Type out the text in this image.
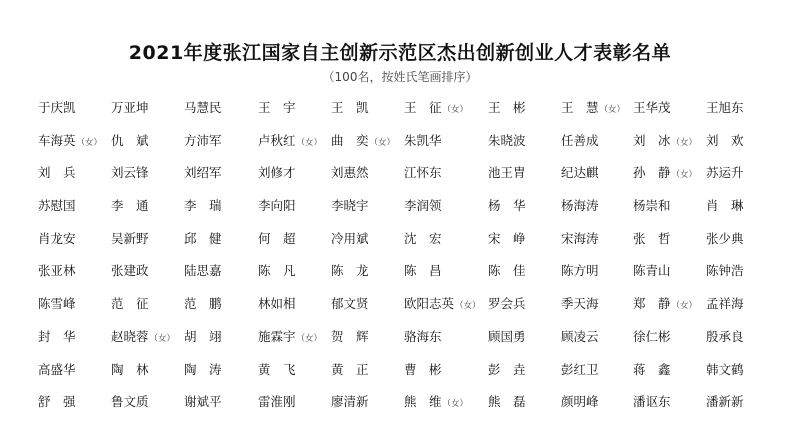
2021年度张江国家自主创新示范区杰出创新创业人才表彰名单
（100名，按姓氏笔画排序）
于庆凯	万亚坤	马慧民	王　宇	王　凯	王　征（女）	王　彬	王　慧（女） 王华茂	王旭东
车海英（女） 仇　斌	方沛军	卢秋红（女） 曲　奕（女） 朱凯华	朱晓波	任善成	刘　冰（女） 刘　欢
刘　兵	刘云锋	刘绍军	刘修才	刘惠然	江怀东	池王胄	纪达麒	孙　静（女） 苏运升
苏慰国	李　通	李　瑞	李向阳	李晓宇	李润领	杨　华	杨海涛	杨崇和	肖　琳
肖龙安	吴新野	邱　健	何　超	冷用斌	沈　宏	宋　峥	宋海涛	张　哲	张少典
张亚林	张建政	陆思嘉	陈　凡	陈　龙	陈　昌	陈　佳	陈方明	陈青山	陈钟浩
陈雪峰	范　征	范　鹏	林如相	郁文贤	欧阳志英（女） 罗会兵	季天海	郑　静（女） 孟祥海
封　华	赵晓蓉（女） 胡　翊	施霖宇（女） 贺　辉	骆海东	顾国勇	顾凌云	徐仁彬	殷承良
高盛华	陶　林	陶　涛	黄　飞	黄　正	曹　彬	彭　垚	彭红卫	蒋　鑫	韩文鹤
舒　强	鲁文质	谢斌平	雷淮刚	廖清新	熊　维（女）	熊　磊	颜明峰	潘讴东	潘新新
